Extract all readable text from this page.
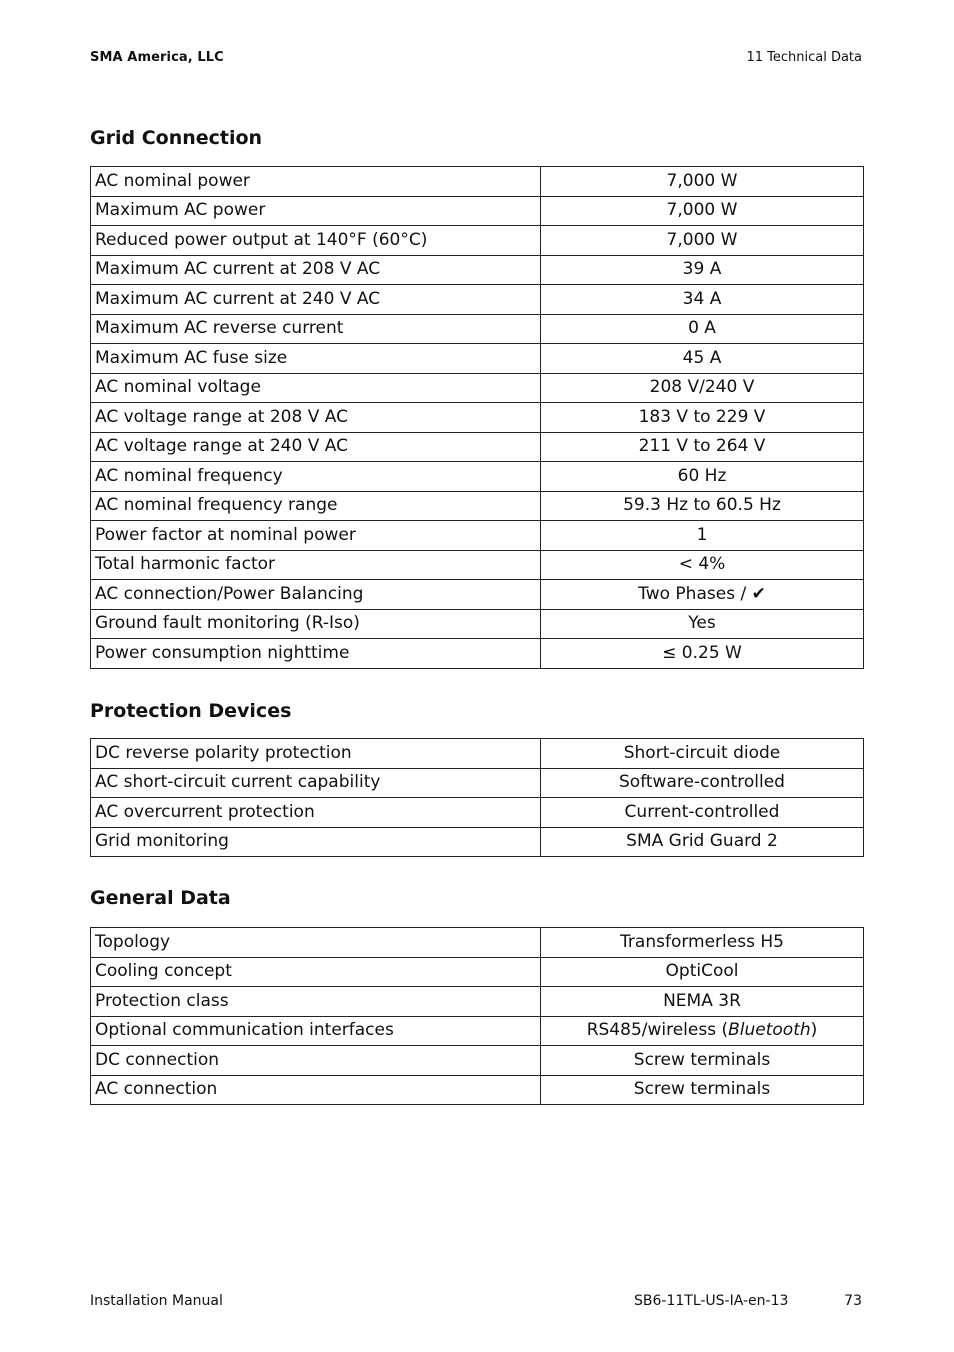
SMA America, LLC	11 Technical Data
Grid Connection
AC nominal power	7,000 W
Maximum AC power	7,000 W
Reduced power output at 140°F (60°C)	7,000 W
Maximum AC current at 208 V AC	39 A
Maximum AC current at 240 V AC	34 A
Maximum AC reverse current	0 A
Maximum AC fuse size	45 A
AC nominal voltage	208 V/240 V
AC voltage range at 208 V AC	183 V to 229 V
AC voltage range at 240 V AC	211 V to 264 V
AC nominal frequency	60 Hz
AC nominal frequency range	59.3 Hz to 60.5 Hz
Power factor at nominal power	1
Total harmonic factor	< 4%
AC connection/Power Balancing	Two Phases / ✔
Ground fault monitoring (R-Iso)	Yes
Power consumption nighttime	≤ 0.25 W
Protection Devices
DC reverse polarity protection	Short-circuit diode
AC short-circuit current capability	Software-controlled
AC overcurrent protection	Current-controlled
Grid monitoring	SMA Grid Guard 2
General Data
Topology	Transformerless H5
Cooling concept	OptiCool
Protection class	NEMA 3R
Optional communication interfaces	RS485/wireless (Bluetooth)
DC connection	Screw terminals
AC connection	Screw terminals
Installation Manual	SB6-11TL-US-IA-en-13	73
